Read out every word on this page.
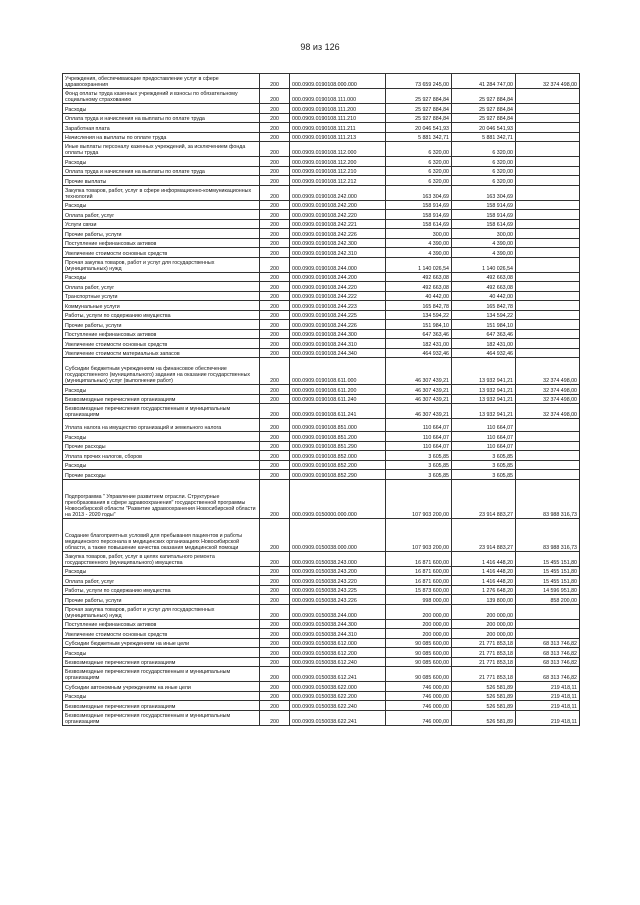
98 из 126
Учреждения, обеспечивающие предоставление услуг в сфере здравоохранения	200	000.0909.0190108.000.000	73 659 245,00	41 284 747,00	32 374 498,00
Фонд оплаты труда казенных учреждений и взносы по обязательному социальному страхованию	200	000.0909.0190108.111.000	25 927 884,84	25 927 884,84	
Расходы	200	000.0909.0190108.111.200	25 927 884,84	25 927 884,84	
Оплата труда и начисления на выплаты по оплате труда	200	000.0909.0190108.111.210	25 927 884,84	25 927 884,84	
Заработная плата	200	000.0909.0190108.111.211	20 046 541,93	20 046 541,93	
Начисления на выплаты по оплате труда	200	000.0909.0190108.111.213	5 881 342,71	5 881 342,71	
Иные выплаты персоналу казенных учреждений, за исключением фонда оплаты труда	200	000.0909.0190108.112.000	6 320,00	6 320,00	
Расходы	200	000.0909.0190108.112.200	6 320,00	6 320,00	
Оплата труда и начисления на выплаты по оплате труда	200	000.0909.0190108.112.210	6 320,00	6 320,00	
Прочие выплаты	200	000.0909.0190108.112.212	6 320,00	6 320,00	
Закупка товаров, работ, услуг в сфере информационно-коммуникационных технологий	200	000.0909.0190108.242.000	163 304,69	163 304,69	
Расходы	200	000.0909.0190108.242.200	158 914,69	158 914,69	
Оплата работ, услуг	200	000.0909.0190108.242.220	158 914,69	158 914,69	
Услуги связи	200	000.0909.0190108.242.221	158 614,69	158 614,69	
Прочие работы, услуги	200	000.0909.0190108.242.226	300,00	300,00	
Поступление нефинансовых активов	200	000.0909.0190108.242.300	4 390,00	4 390,00	
Увеличение стоимости основных средств	200	000.0909.0190108.242.310	4 390,00	4 390,00	
Прочая закупка товаров, работ и услуг для государственных (муниципальных) нужд	200	000.0909.0190108.244.000	1 140 026,54	1 140 026,54	
Расходы	200	000.0909.0190108.244.200	492 663,08	492 663,08	
Оплата работ, услуг	200	000.0909.0190108.244.220	492 663,08	492 663,08	
Транспортные услуги	200	000.0909.0190108.244.222	40 442,00	40 442,00	
Коммунальные услуги	200	000.0909.0190108.244.223	165 842,78	165 842,78	
Работы, услуги по содержанию имущества	200	000.0909.0190108.244.225	134 594,22	134 594,22	
Прочие работы, услуги	200	000.0909.0190108.244.226	151 984,10	151 984,10	
Поступление нефинансовых активов	200	000.0909.0190108.244.300	647 363,46	647 363,46	
Увеличение стоимости основных средств	200	000.0909.0190108.244.310	182 431,00	182 431,00	
Увеличение стоимости материальных запасов	200	000.0909.0190108.244.340	464 932,46	464 932,46	
Субсидии бюджетным учреждениям на финансовое обеспечение государственного (муниципального) задания на оказание государственных (муниципальных) услуг (выполнение работ)	200	000.0909.0190108.611.000	46 307 439,21	13 932 941,21	32 374 498,00
Расходы	200	000.0909.0190108.611.200	46 307 439,21	13 932 941,21	32 374 498,00
Безвозмездные перечисления организациям	200	000.0909.0190108.611.240	46 307 439,21	13 932 941,21	32 374 498,00
Безвозмездные перечисления государственным и муниципальным организациям	200	000.0909.0190108.611.241	46 307 439,21	13 932 941,21	32 374 498,00
Уплата налога на имущество организаций и земельного налога	200	000.0909.0190108.851.000	110 664,07	110 664,07	
Расходы	200	000.0909.0190108.851.200	110 664,07	110 664,07	
Прочие расходы	200	000.0909.0190108.851.290	110 664,07	110 664,07	
Уплата прочих налогов, сборов	200	000.0909.0190108.852.000	3 605,85	3 605,85	
Расходы	200	000.0909.0190108.852.200	3 605,85	3 605,85	
Прочие расходы	200	000.0909.0190108.852.290	3 605,85	3 605,85	
Подпрограмма " Управление развитием отрасли. Структурные преобразования в сфере здравоохранения" государственной программы Новосибирской области "Развитие здравоохранения Новосибирской области на 2013 - 2020 годы"	200	000.0909.0150000.000.000	107 903 200,00	23 914 883,27	83 988 316,73
Создание благоприятных условий для пребывания пациентов и работы медицинского персонала в медицинских организациях Новосибирской области, а также повышение качества оказания медицинской помощи	200	000.0909.0150038.000.000	107 903 200,00	23 914 883,27	83 988 316,73
Закупка товаров, работ, услуг в целях капитального ремонта государственного (муниципального) имущества	200	000.0909.0150038.243.000	16 871 600,00	1 416 448,20	15 455 151,80
Расходы	200	000.0909.0150038.243.200	16 871 600,00	1 416 448,20	15 455 151,80
Оплата работ, услуг	200	000.0909.0150038.243.220	16 871 600,00	1 416 448,20	15 455 151,80
Работы, услуги по содержанию имущества	200	000.0909.0150038.243.225	15 873 600,00	1 276 648,20	14 596 951,80
Прочие работы, услуги	200	000.0909.0150038.243.226	998 000,00	139 800,00	858 200,00
Прочая закупка товаров, работ и услуг для государственных (муниципальных) нужд	200	000.0909.0150038.244.000	200 000,00	200 000,00	
Поступление нефинансовых активов	200	000.0909.0150038.244.300	200 000,00	200 000,00	
Увеличение стоимости основных средств	200	000.0909.0150038.244.310	200 000,00	200 000,00	
Субсидии бюджетным учреждениям на иные цели	200	000.0909.0150038.612.000	90 085 600,00	21 771 853,18	68 313 746,82
Расходы	200	000.0909.0150038.612.200	90 085 600,00	21 771 853,18	68 313 746,82
Безвозмездные перечисления организациям	200	000.0909.0150038.612.240	90 085 600,00	21 771 853,18	68 313 746,82
Безвозмездные перечисления государственным и муниципальным организациям	200	000.0909.0150038.612.241	90 085 600,00	21 771 853,18	68 313 746,82
Субсидии автономным учреждениям на иные цели	200	000.0909.0150038.622.000	746 000,00	526 581,89	219 418,11
Расходы	200	000.0909.0150038.622.200	746 000,00	526 581,89	219 418,11
Безвозмездные перечисления организациям	200	000.0909.0150038.622.240	746 000,00	526 581,89	219 418,11
Безвозмездные перечисления государственным и муниципальным организациям	200	000.0909.0150038.622.241	746 000,00	526 581,89	219 418,11
